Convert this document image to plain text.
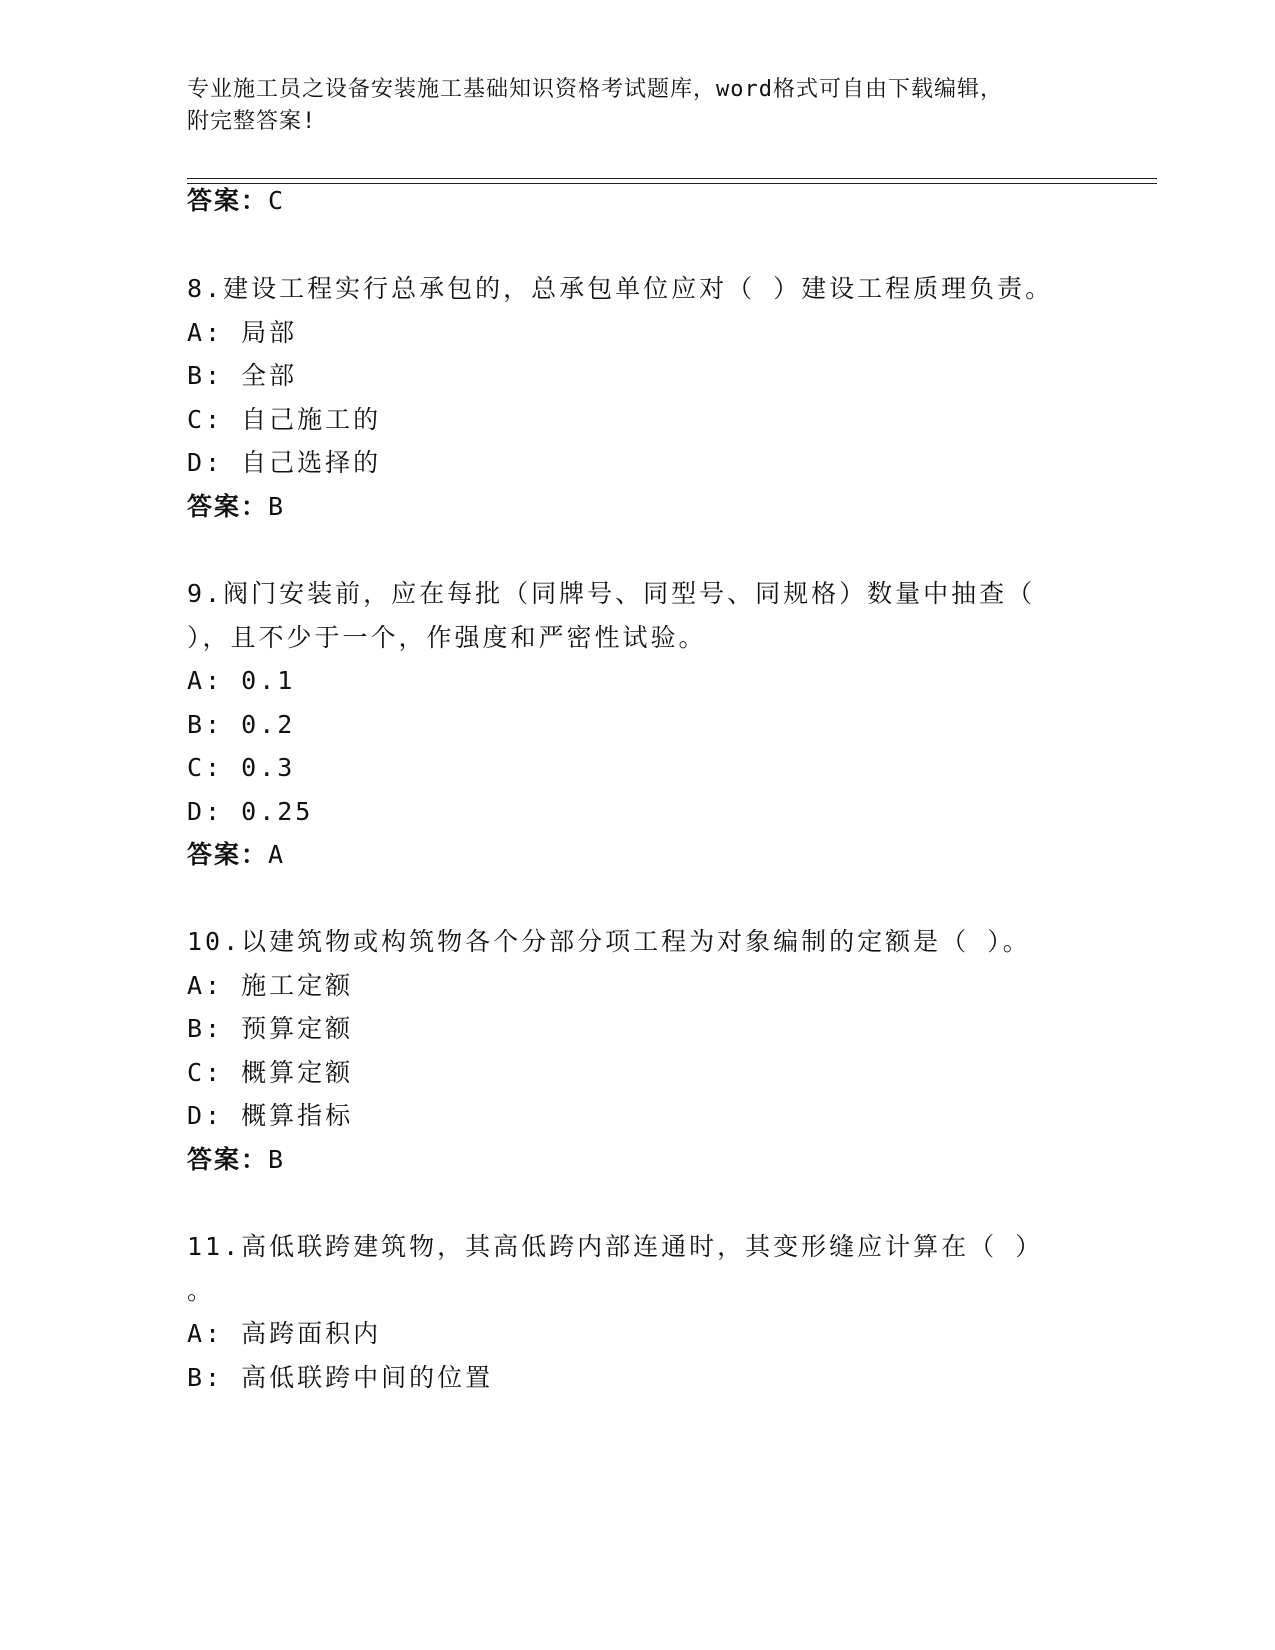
专业施工员之设备安装施工基础知识资格考试题库，word格式可自由下载编辑，
附完整答案!
答案：C
8.建设工程实行总承包的，总承包单位应对（ ）建设工程质理负责。
A: 局部
B: 全部
C: 自己施工的
D: 自己选择的
答案：B
9.阀门安装前，应在每批（同牌号、同型号、同规格）数量中抽查（
），且不少于一个，作强度和严密性试验。
A: 0.1
B: 0.2
C: 0.3
D: 0.25
答案：A
10.以建筑物或构筑物各个分部分项工程为对象编制的定额是（ ）。
A: 施工定额
B: 预算定额
C: 概算定额
D: 概算指标
答案：B
11.高低联跨建筑物，其高低跨内部连通时，其变形缝应计算在（ ）
。
A: 高跨面积内
B: 高低联跨中间的位置
